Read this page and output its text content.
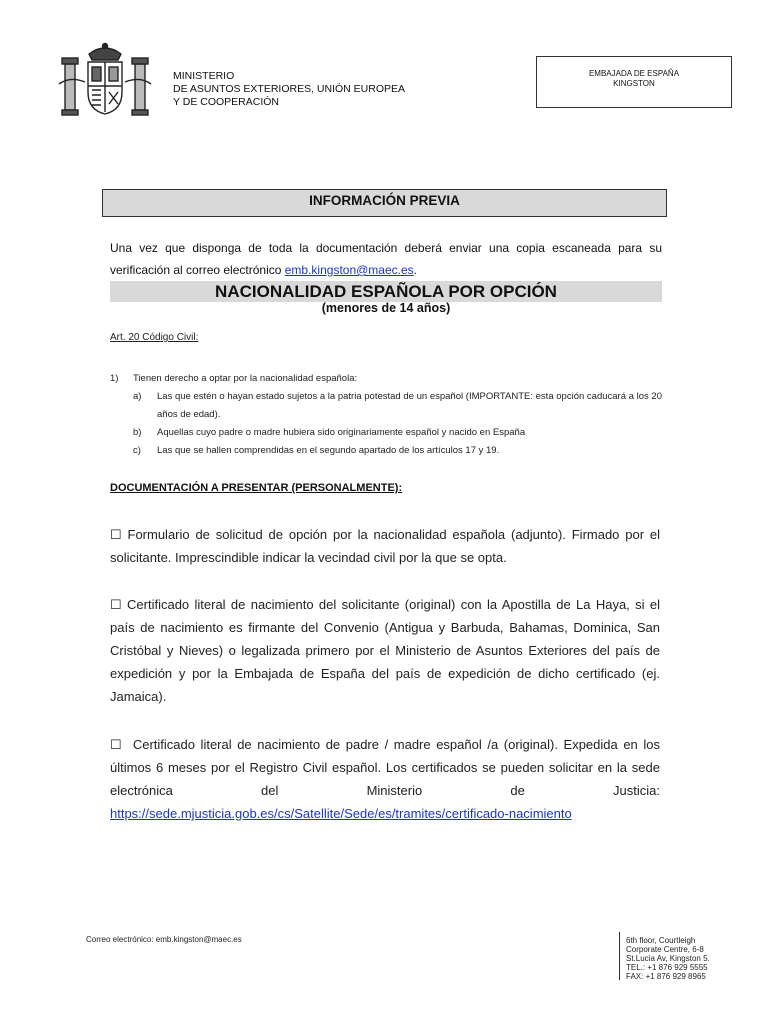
MINISTERIO
DE ASUNTOS EXTERIORES, UNIÓN EUROPEA
Y DE COOPERACIÓN
EMBAJADA DE ESPAÑA
KINGSTON
INFORMACIÓN PREVIA
Una vez que disponga de toda la documentación deberá enviar una copia escaneada para su verificación al correo electrónico emb.kingston@maec.es.
NACIONALIDAD ESPAÑOLA POR OPCIÓN
(menores de 14 años)
Art. 20 Código Civil:
1)	Tienen derecho a optar por la nacionalidad española:
a)	Las que estén o hayan estado sujetos a la patria potestad de un español (IMPORTANTE: esta opción caducará a los 20 años de edad).
b)	Aquellas cuyo padre o madre hubiera sido originariamente español y nacido en España
c)	Las que se hallen comprendidas en el segundo apartado de los artículos 17 y 19.
DOCUMENTACIÓN A PRESENTAR (PERSONALMENTE):
☐ Formulario de solicitud de opción por la nacionalidad española (adjunto). Firmado por el solicitante. Imprescindible indicar la vecindad civil por la que se opta.
☐ Certificado literal de nacimiento del solicitante (original) con la Apostilla de La Haya, si el país de nacimiento es firmante del Convenio (Antigua y Barbuda, Bahamas, Dominica, San Cristóbal y Nieves) o legalizada primero por el Ministerio de Asuntos Exteriores del país de expedición y por la Embajada de España del país de expedición de dicho certificado (ej. Jamaica).
☐ Certificado literal de nacimiento de padre / madre español /a (original). Expedida en los últimos 6 meses por el Registro Civil español. Los certificados se pueden solicitar en la sede electrónica del Ministerio de Justicia:
https://sede.mjusticia.gob.es/cs/Satellite/Sede/es/tramites/certificado-nacimiento
Correo electrónico: emb.kingston@maec.es	6th floor, Courtleigh
Corporate Centre, 6-8
St.Lucia Av, Kingston 5.
TEL.: +1 876 929 5555
FAX: +1 876 929 8965
